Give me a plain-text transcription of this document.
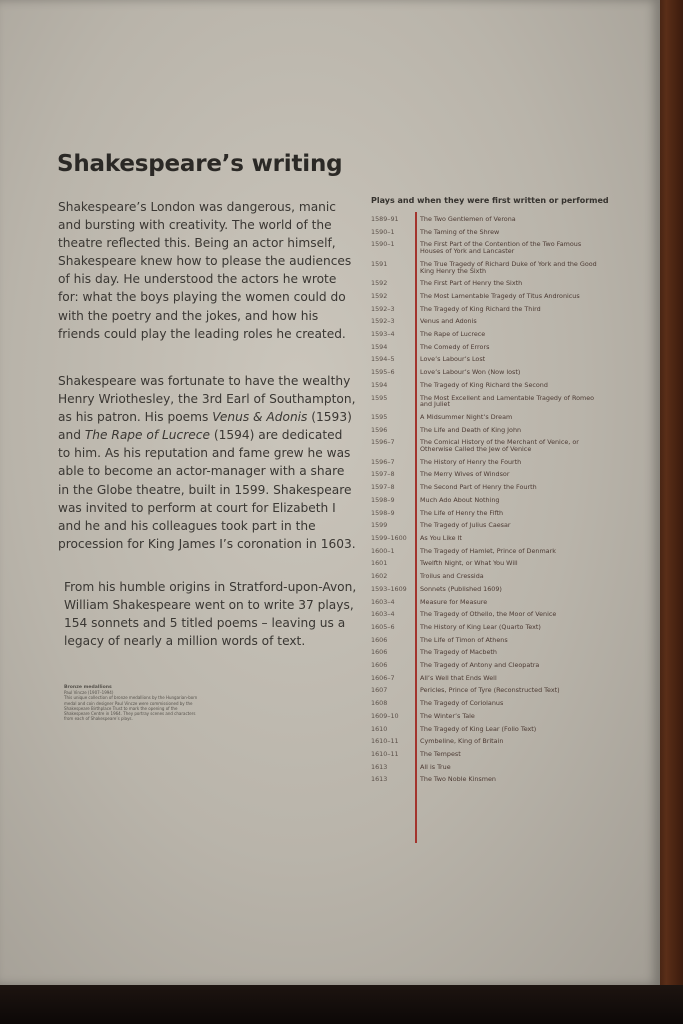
Shakespeare’s writing

Shakespeare’s London was dangerous, manic and bursting with creativity. The world of the theatre reflected this. Being an actor himself, Shakespeare knew how to please the audiences of his day. He understood the actors he wrote for: what the boys playing the women could do with the poetry and the jokes, and how his friends could play the leading roles he created.

Shakespeare was fortunate to have the wealthy Henry Wriothesley, the 3rd Earl of Southampton, as his patron. His poems Venus & Adonis (1593) and The Rape of Lucrece (1594) are dedicated to him. As his reputation and fame grew he was able to become an actor-manager with a share in the Globe theatre, built in 1599. Shakespeare was invited to perform at court for Elizabeth I and he and his colleagues took part in the procession for King James I’s coronation in 1603.

From his humble origins in Stratford-upon-Avon, William Shakespeare went on to write 37 plays, 154 sonnets and 5 titled poems – leaving us a legacy of nearly a million words of text.

Bronze medallions
Paul Vincze (1907–1994)
This unique collection of bronze medallions by the Hungarian-born medal and coin designer Paul Vincze were commissioned by the Shakespeare Birthplace Trust to mark the opening of the Shakespeare Centre in 1964. They portray scenes and characters from each of Shakespeare’s plays.
Plays and when they were first written or performed
1589–91	The Two Gentlemen of Verona
1590–1	The Taming of the Shrew
1590–1	The First Part of the Contention of the Two Famous Houses of York and Lancaster
1591	The True Tragedy of Richard Duke of York and the Good King Henry the Sixth
1592	The First Part of Henry the Sixth
1592	The Most Lamentable Tragedy of Titus Andronicus
1592–3	The Tragedy of King Richard the Third
1592–3	Venus and Adonis
1593–4	The Rape of Lucrece
1594	The Comedy of Errors
1594–5	Love’s Labour’s Lost
1595–6	Love’s Labour’s Won (Now lost)
1594	The Tragedy of King Richard the Second
1595	The Most Excellent and Lamentable Tragedy of Romeo and Juliet
1595	A Midsummer Night’s Dream
1596	The Life and Death of King John
1596–7	The Comical History of the Merchant of Venice, or Otherwise Called the Jew of Venice
1596–7	The History of Henry the Fourth
1597–8	The Merry Wives of Windsor
1597–8	The Second Part of Henry the Fourth
1598–9	Much Ado About Nothing
1598–9	The Life of Henry the Fifth
1599	The Tragedy of Julius Caesar
1599–1600	As You Like It
1600–1	The Tragedy of Hamlet, Prince of Denmark
1601	Twelfth Night, or What You Will
1602	Troilus and Cressida
1593–1609	Sonnets (Published 1609)
1603–4	Measure for Measure
1603–4	The Tragedy of Othello, the Moor of Venice
1605–6	The History of King Lear (Quarto Text)
1606	The Life of Timon of Athens
1606	The Tragedy of Macbeth
1606	The Tragedy of Antony and Cleopatra
1606–7	All’s Well that Ends Well
1607	Pericles, Prince of Tyre (Reconstructed Text)
1608	The Tragedy of Coriolanus
1609–10	The Winter’s Tale
1610	The Tragedy of King Lear (Folio Text)
1610–11	Cymbeline, King of Britain
1610–11	The Tempest
1613	All is True
1613	The Two Noble Kinsmen
